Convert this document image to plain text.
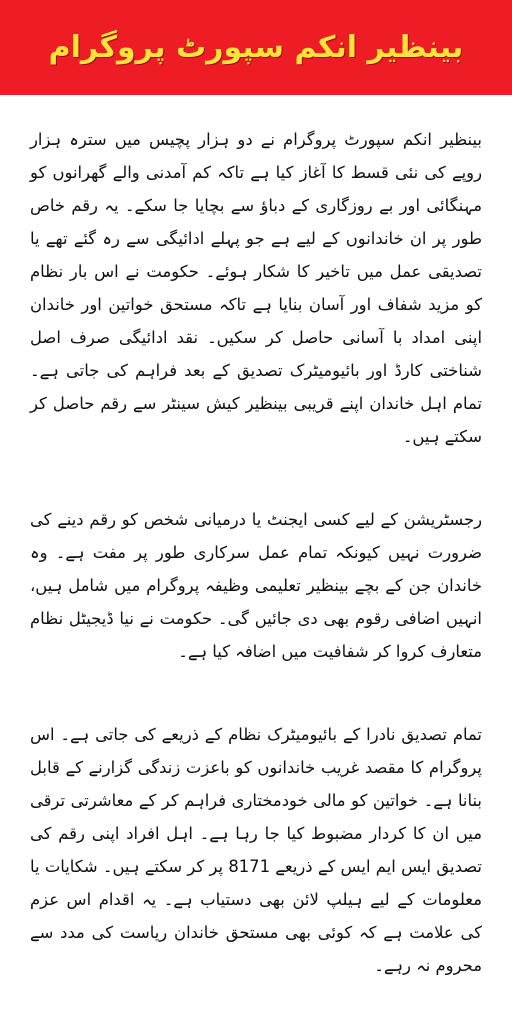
بینظیر انکم سپورٹ پروگرام

بینظیر انکم سپورٹ پروگرام نے دو ہزار پچیس میں سترہ ہزار روپے کی نئی قسط کا آغاز کیا ہے تاکہ کم آمدنی والے گھرانوں کو مہنگائی اور بے روزگاری کے دباؤ سے بچایا جا سکے۔ یہ رقم خاص طور پر ان خاندانوں کے لیے ہے جو پہلے ادائیگی سے رہ گئے تھے یا تصدیقی عمل میں تاخیر کا شکار ہوئے۔ حکومت نے اس بار نظام کو مزید شفاف اور آسان بنایا ہے تاکہ مستحق خواتین اور خاندان اپنی امداد با آسانی حاصل کر سکیں۔ نقد ادائیگی صرف اصل شناختی کارڈ اور بائیومیٹرک تصدیق کے بعد فراہم کی جاتی ہے۔ تمام اہل خاندان اپنے قریبی بینظیر کیش سینٹر سے رقم حاصل کر سکتے ہیں۔

رجسٹریشن کے لیے کسی ایجنٹ یا درمیانی شخص کو رقم دینے کی ضرورت نہیں کیونکہ تمام عمل سرکاری طور پر مفت ہے۔ وہ خاندان جن کے بچے بینظیر تعلیمی وظیفہ پروگرام میں شامل ہیں، انہیں اضافی رقوم بھی دی جائیں گی۔ حکومت نے نیا ڈیجیٹل نظام متعارف کروا کر شفافیت میں اضافہ کیا ہے۔

تمام تصدیق نادرا کے بائیومیٹرک نظام کے ذریعے کی جاتی ہے۔ اس پروگرام کا مقصد غریب خاندانوں کو باعزت زندگی گزارنے کے قابل بنانا ہے۔ خواتین کو مالی خودمختاری فراہم کر کے معاشرتی ترقی میں ان کا کردار مضبوط کیا جا رہا ہے۔ اہل افراد اپنی رقم کی تصدیق ایس ایم ایس کے ذریعے 8171 پر کر سکتے ہیں۔ شکایات یا معلومات کے لیے ہیلپ لائن بھی دستیاب ہے۔ یہ اقدام اس عزم کی علامت ہے کہ کوئی بھی مستحق خاندان ریاست کی مدد سے محروم نہ رہے۔
